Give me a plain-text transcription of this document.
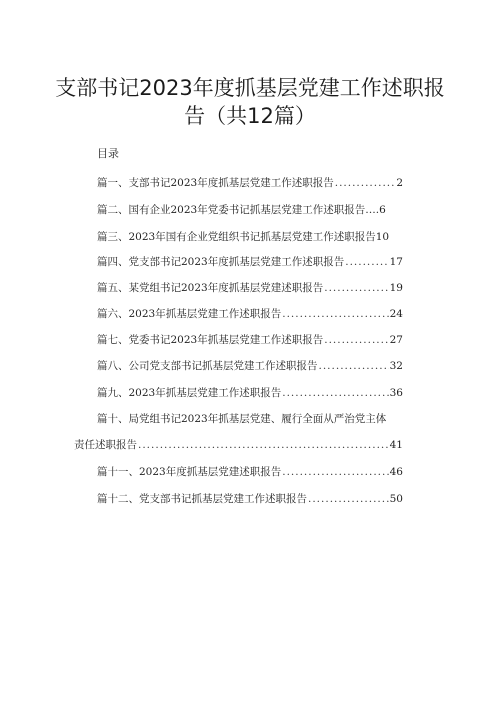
支部书记2023年度抓基层党建工作述职报
告（共12篇）
目录
篇一、支部书记2023年度抓基层党建工作述职报告 .....	2
篇二、国有企业2023年党委书记抓基层党建工作述职报告… .6
篇三、2023年国有企业党组织书记抓基层党建工作述职报告 10
篇四、党支部书记2023年度抓基层党建工作述职报告 .....	17
篇五、某党组书记2023年度抓基层党建述职报告 .....	19
篇六、2023年抓基层党建工作述职报告 .....	24
篇七、党委书记2023年抓基层党建工作述职报告 .....	27
篇八、公司党支部书记抓基层党建工作述职报告 .....	32
篇九、2023年抓基层党建工作述职报告 .....	36
篇十、局党组书记2023年抓基层党建、履行全面从严治党主体
责任述职报告 .....	41
篇十一、2023年度抓基层党建述职报告 .....	46
篇十二、党支部书记抓基层党建工作述职报告 .....	50
